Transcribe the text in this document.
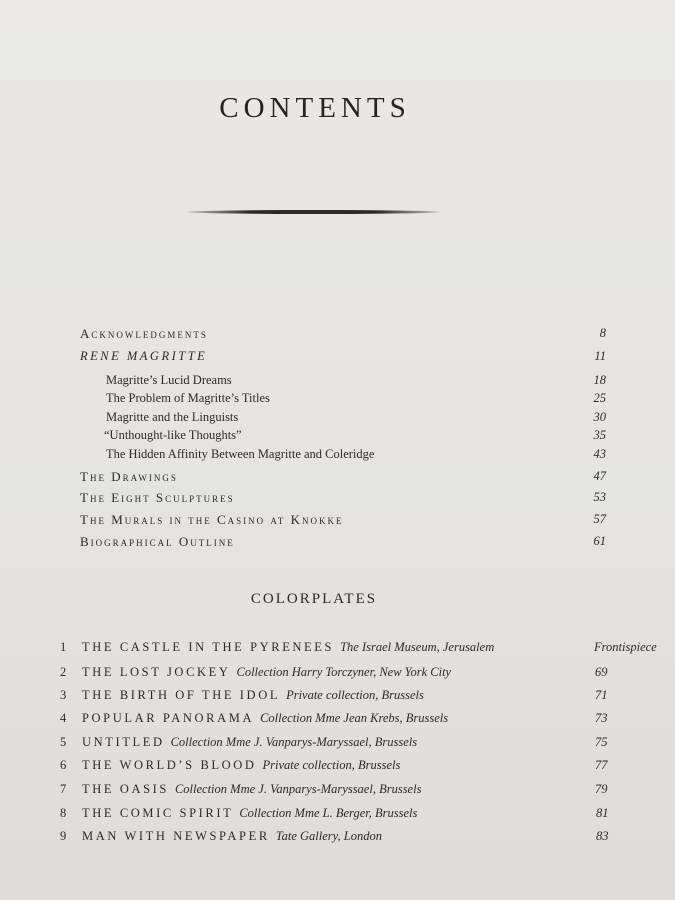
CONTENTS
Acknowledgments	8
RENE MAGRITTE	11
Magritte’s Lucid Dreams	18
The Problem of Magritte’s Titles	25
Magritte and the Linguists	30
“Unthought-like Thoughts”	35
The Hidden Affinity Between Magritte and Coleridge	43
The Drawings	47
The Eight Sculptures	53
The Murals in the Casino at Knokke	57
Biographical Outline	61
COLORPLATES
1 THE CASTLE IN THE PYRENEES The Israel Museum, Jerusalem	Frontispiece
2 THE LOST JOCKEY Collection Harry Torczyner, New York City	69
3 THE BIRTH OF THE IDOL Private collection, Brussels	71
4 POPULAR PANORAMA Collection Mme Jean Krebs, Brussels	73
5 UNTITLED Collection Mme J. Vanparys-Maryssael, Brussels	75
6 THE WORLD’S BLOOD Private collection, Brussels	77
7 THE OASIS Collection Mme J. Vanparys-Maryssael, Brussels	79
8 THE COMIC SPIRIT Collection Mme L. Berger, Brussels	81
9 MAN WITH NEWSPAPER Tate Gallery, London	83
